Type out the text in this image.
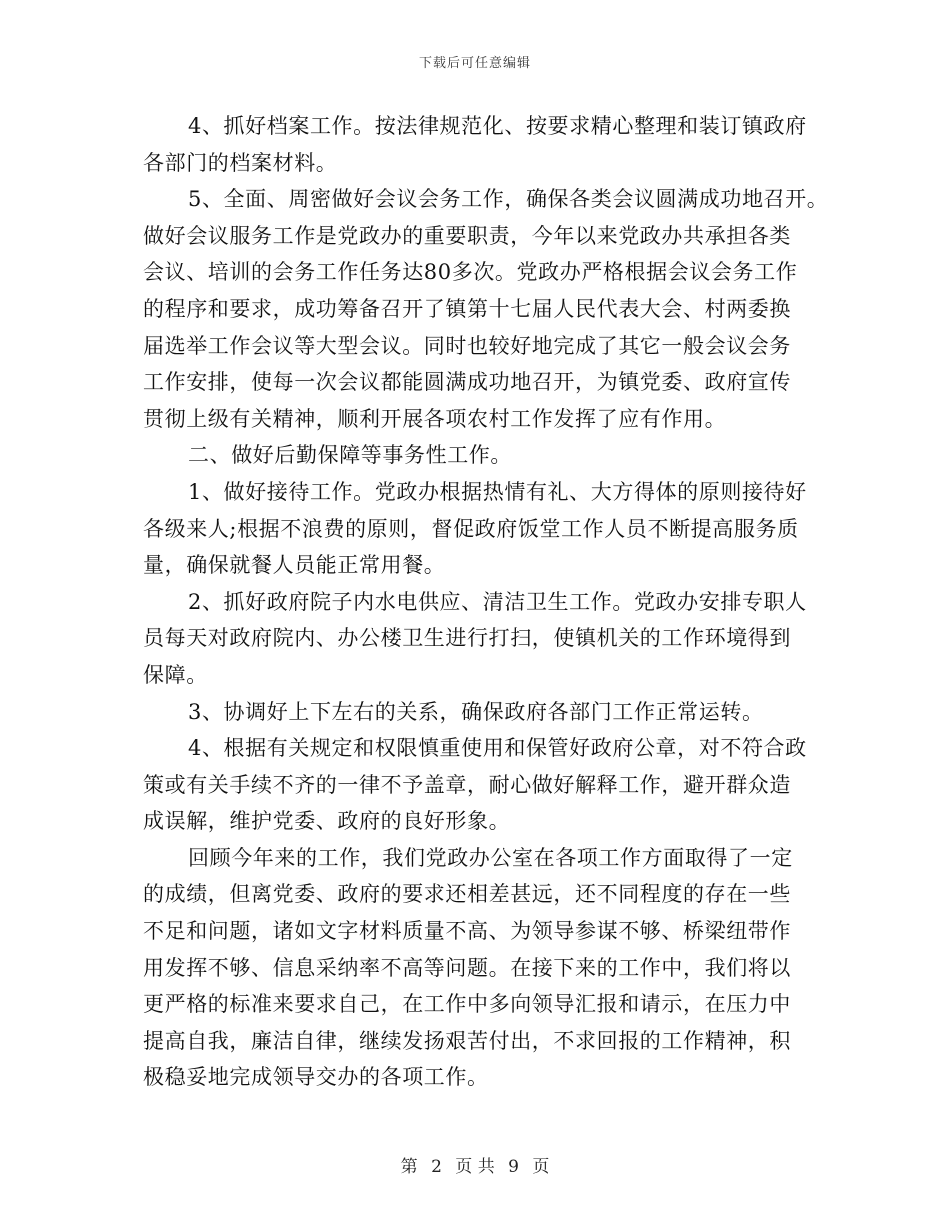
下载后可任意编辑
4、抓好档案工作。按法律规范化、按要求精心整理和装订镇政府
各部门的档案材料。
5、全面、周密做好会议会务工作，确保各类会议圆满成功地召开。
做好会议服务工作是党政办的重要职责，今年以来党政办共承担各类
会议、培训的会务工作任务达80多次。党政办严格根据会议会务工作
的程序和要求，成功筹备召开了镇第十七届人民代表大会、村两委换
届选举工作会议等大型会议。同时也较好地完成了其它一般会议会务
工作安排，使每一次会议都能圆满成功地召开，为镇党委、政府宣传
贯彻上级有关精神，顺利开展各项农村工作发挥了应有作用。
二、做好后勤保障等事务性工作。
1、做好接待工作。党政办根据热情有礼、大方得体的原则接待好
各级来人;根据不浪费的原则，督促政府饭堂工作人员不断提高服务质
量，确保就餐人员能正常用餐。
2、抓好政府院子内水电供应、清洁卫生工作。党政办安排专职人
员每天对政府院内、办公楼卫生进行打扫，使镇机关的工作环境得到
保障。
3、协调好上下左右的关系，确保政府各部门工作正常运转。
4、根据有关规定和权限慎重使用和保管好政府公章，对不符合政
策或有关手续不齐的一律不予盖章，耐心做好解释工作，避开群众造
成误解，维护党委、政府的良好形象。
回顾今年来的工作，我们党政办公室在各项工作方面取得了一定
的成绩，但离党委、政府的要求还相差甚远，还不同程度的存在一些
不足和问题，诸如文字材料质量不高、为领导参谋不够、桥梁纽带作
用发挥不够、信息采纳率不高等问题。在接下来的工作中，我们将以
更严格的标准来要求自己，在工作中多向领导汇报和请示，在压力中
提高自我，廉洁自律，继续发扬艰苦付出，不求回报的工作精神，积
极稳妥地完成领导交办的各项工作。
第 2 页 共 9 页
